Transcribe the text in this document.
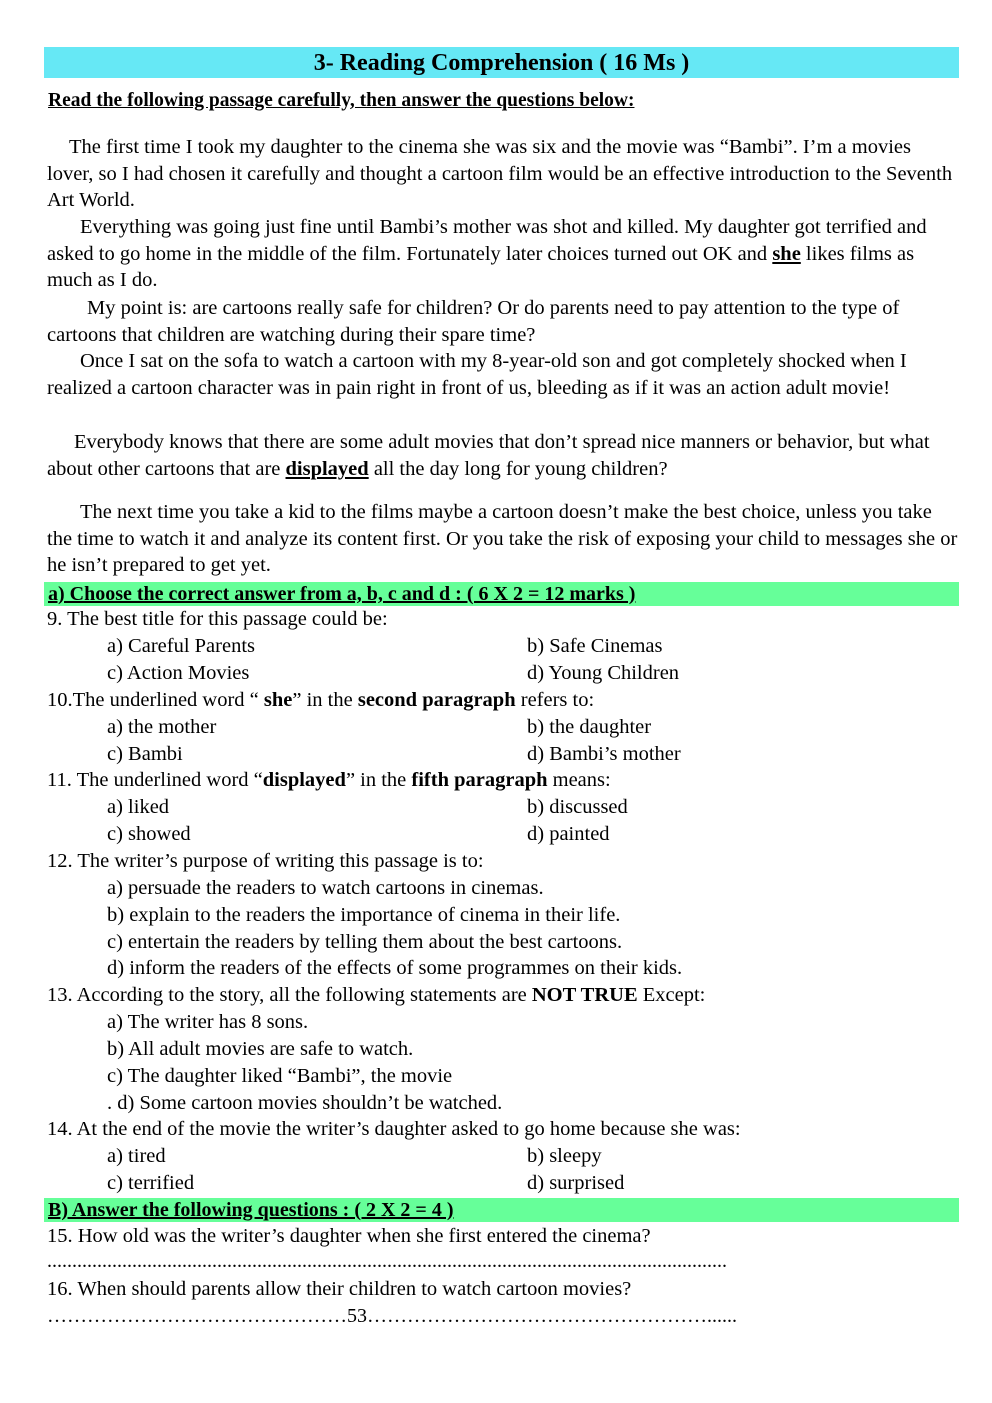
3- Reading Comprehension ( 16 Ms )
Read the following passage carefully, then answer the questions below:

The first time I took my daughter to the cinema she was six and the movie was “Bambi”. I’m a movies lover, so I had chosen it carefully and thought a cartoon film would be an effective introduction to the Seventh Art World.

Everything was going just fine until Bambi’s mother was shot and killed. My daughter got terrified and asked to go home in the middle of the film. Fortunately later choices turned out OK and she likes films as much as I do.

My point is: are cartoons really safe for children? Or do parents need to pay attention to the type of cartoons that children are watching during their spare time?

Once I sat on the sofa to watch a cartoon with my 8-year-old son and got completely shocked when I realized a cartoon character was in pain right in front of us, bleeding as if it was an action adult movie!

Everybody knows that there are some adult movies that don’t spread nice manners or behavior, but what about other cartoons that are displayed all the day long for young children?

The next time you take a kid to the films maybe a cartoon doesn’t make the best choice, unless you take the time to watch it and analyze its content first. Or you take the risk of exposing your child to messages she or he isn’t prepared to get yet.

a) Choose the correct answer from a, b, c and d : ( 6 X 2 = 12 marks )
9. The best title for this passage could be:
a) Careful Parents	b) Safe Cinemas
c) Action Movies	d) Young Children
10.The underlined word “ she” in the second paragraph refers to:
a) the mother	b) the daughter
c) Bambi	d) Bambi’s mother
11. The underlined word “displayed” in the fifth paragraph means:
a) liked	b) discussed
c) showed	d) painted
12. The writer’s purpose of writing this passage is to:
a) persuade the readers to watch cartoons in cinemas.
b) explain to the readers the importance of cinema in their life.
c) entertain the readers by telling them about the best cartoons.
d) inform the readers of the effects of some programmes on their kids.
13. According to the story, all the following statements are NOT TRUE Except:
a) The writer has 8 sons.
b) All adult movies are safe to watch.
c) The daughter liked “Bambi”, the movie
. d) Some cartoon movies shouldn’t be watched.
14. At the end of the movie the writer’s daughter asked to go home because she was:
a) tired	b) sleepy
c) terrified	d) surprised
B) Answer the following questions : ( 2 X 2 = 4 )
15. How old was the writer’s daughter when she first entered the cinema?
........................................................................................................................................
16. When should parents allow their children to watch cartoon movies?
………………………………………53……………………………………………......
